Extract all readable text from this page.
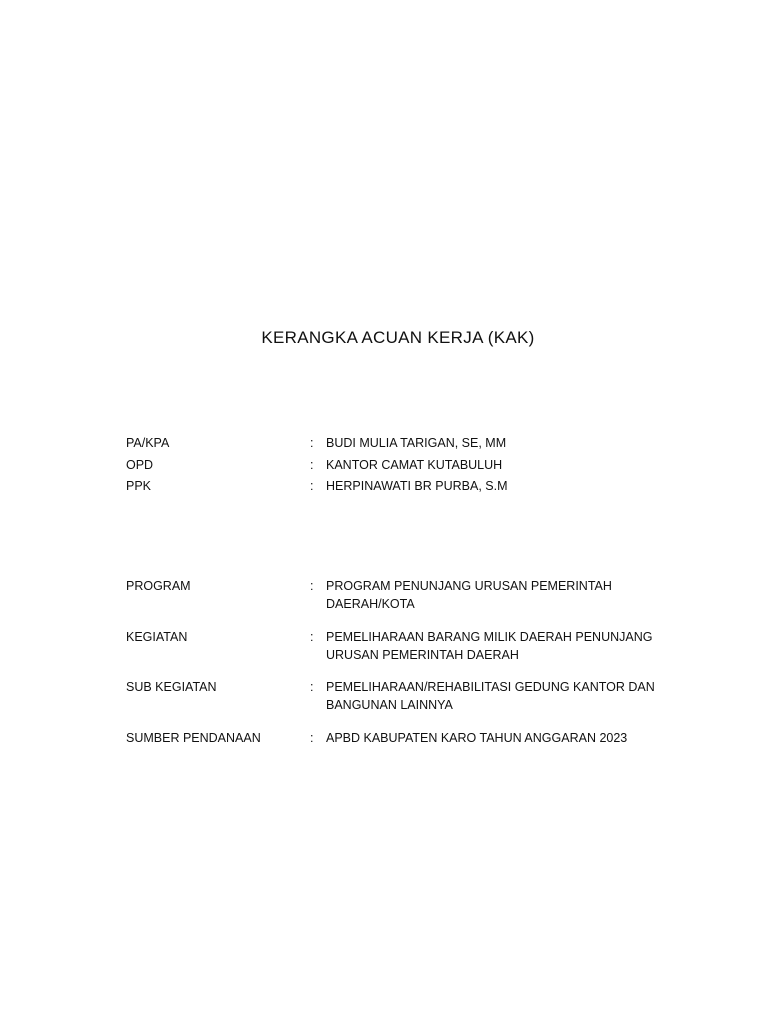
KERANGKA ACUAN KERJA (KAK)
PA/KPA	:	BUDI MULIA TARIGAN, SE, MM
OPD	:	KANTOR CAMAT KUTABULUH
PPK	:	HERPINAWATI BR PURBA, S.M
PROGRAM	:	PROGRAM PENUNJANG URUSAN PEMERINTAH
DAERAH/KOTA
KEGIATAN	:	PEMELIHARAAN BARANG MILIK DAERAH PENUNJANG
URUSAN PEMERINTAH DAERAH
SUB KEGIATAN	:	PEMELIHARAAN/REHABILITASI GEDUNG KANTOR DAN
BANGUNAN LAINNYA
SUMBER PENDANAAN	:	APBD KABUPATEN KARO TAHUN ANGGARAN 2023
